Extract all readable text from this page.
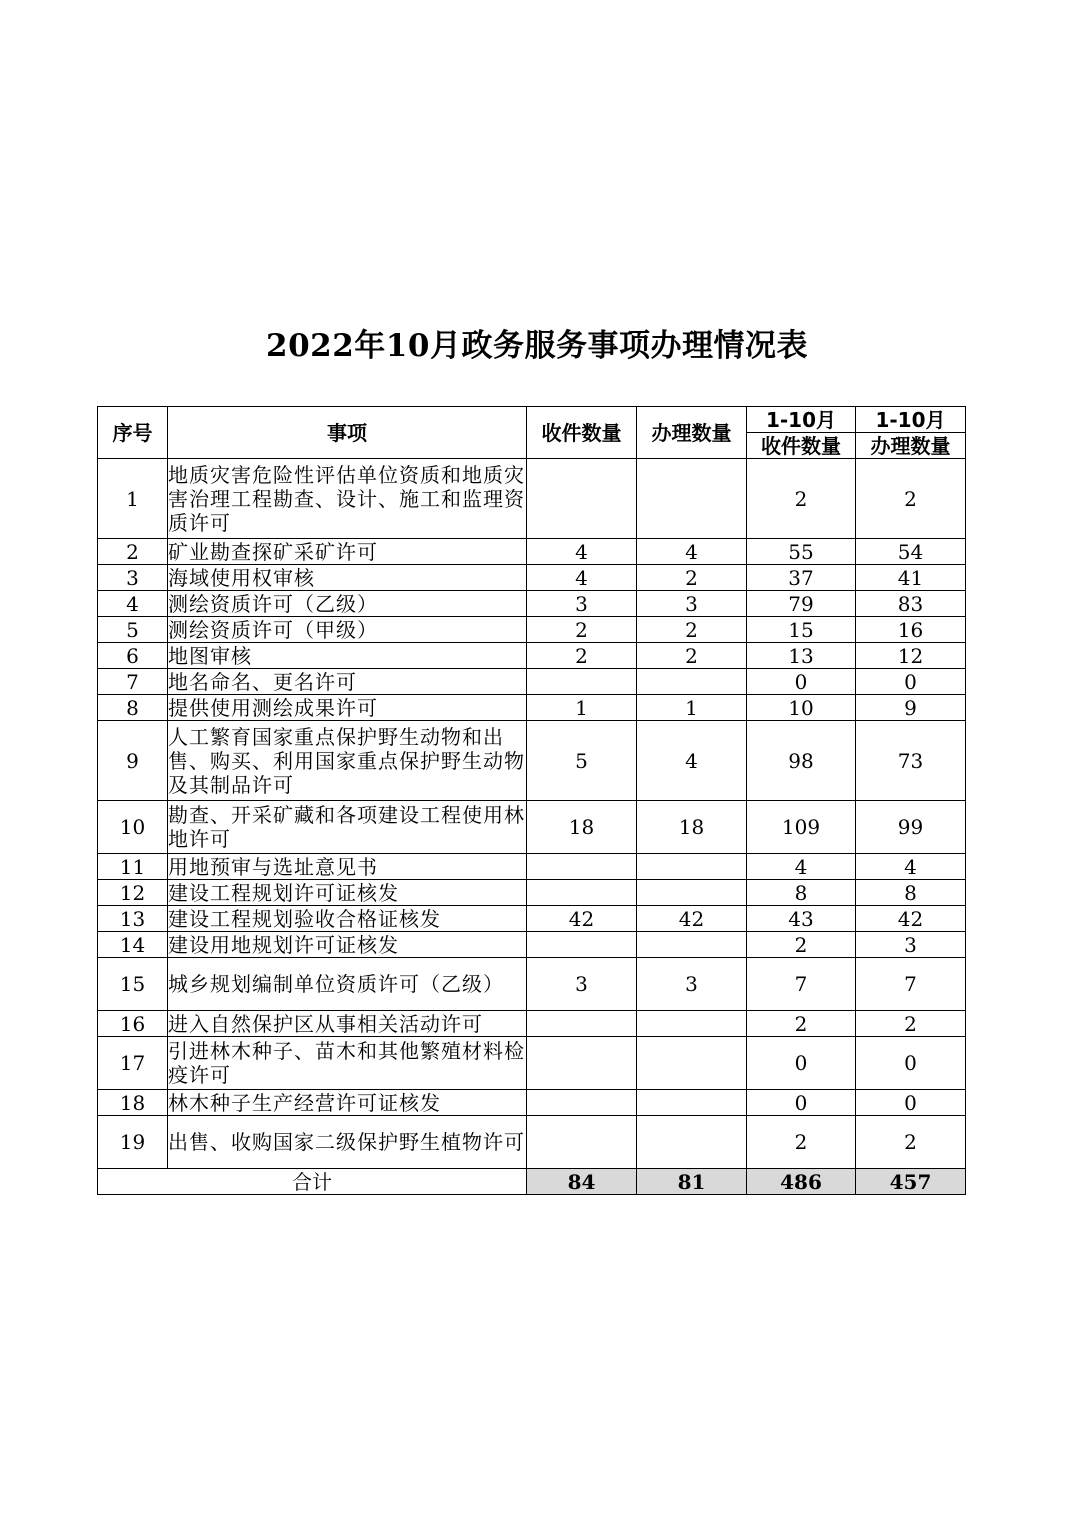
2022年10月政务服务事项办理情况表
序号	事项	收件数量	办理数量	1-10月	1-10月
				收件数量	办理数量
1	地质灾害危险性评估单位资质和地质灾害治理工程勘查、设计、施工和监理资质许可			2	2
2	矿业勘查探矿采矿许可	4	4	55	54
3	海域使用权审核	4	2	37	41
4	测绘资质许可（乙级）	3	3	79	83
5	测绘资质许可（甲级）	2	2	15	16
6	地图审核	2	2	13	12
7	地名命名、更名许可			0	0
8	提供使用测绘成果许可	1	1	10	9
9	人工繁育国家重点保护野生动物和出售、购买、利用国家重点保护野生动物及其制品许可	5	4	98	73
10	勘查、开采矿藏和各项建设工程使用林地许可	18	18	109	99
11	用地预审与选址意见书			4	4
12	建设工程规划许可证核发			8	8
13	建设工程规划验收合格证核发	42	42	43	42
14	建设用地规划许可证核发			2	3
15	城乡规划编制单位资质许可（乙级）	3	3	7	7
16	进入自然保护区从事相关活动许可			2	2
17	引进林木种子、苗木和其他繁殖材料检疫许可			0	0
18	林木种子生产经营许可证核发			0	0
19	出售、收购国家二级保护野生植物许可			2	2
合计		84	81	486	457
